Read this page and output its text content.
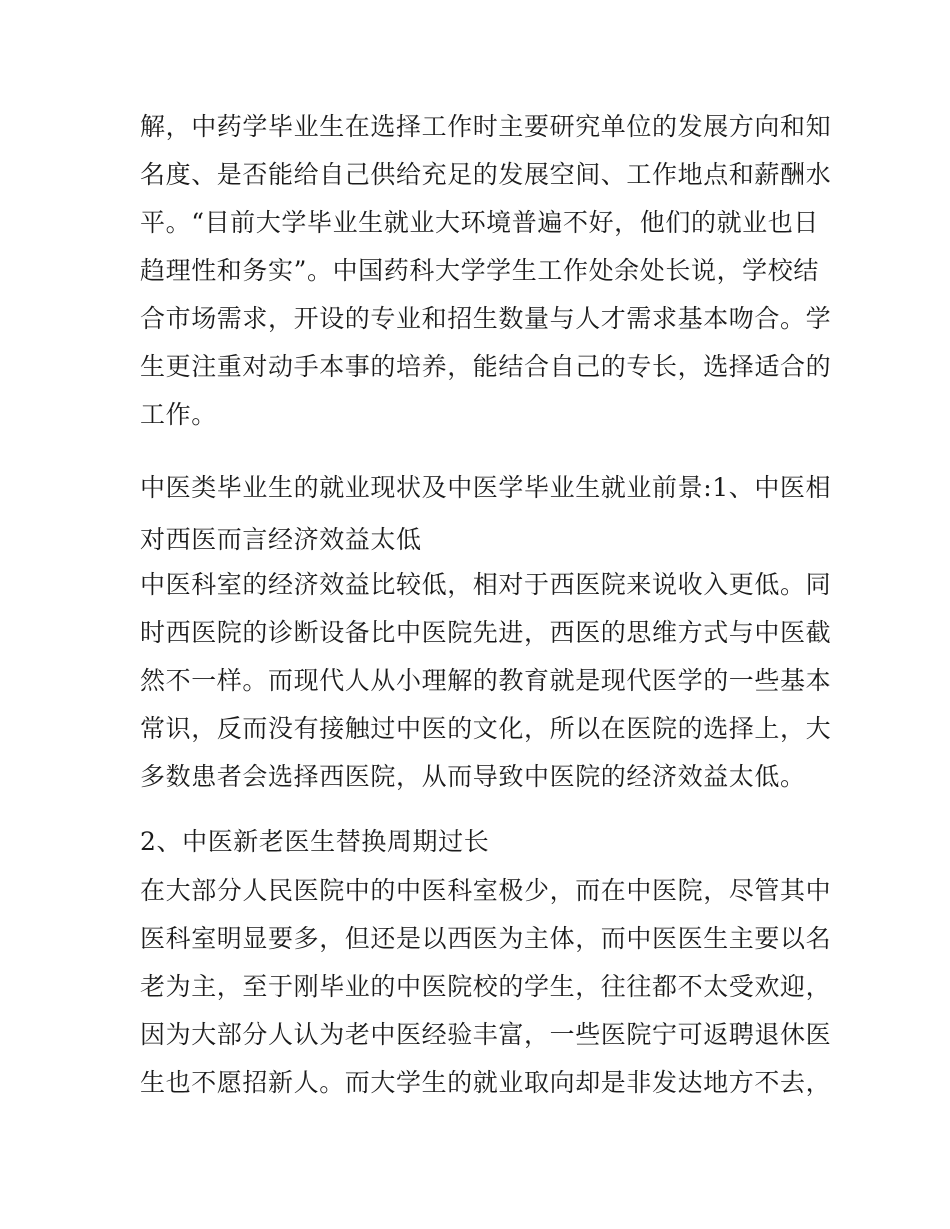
解，中药学毕业生在选择工作时主要研究单位的发展方向和知
名度、是否能给自己供给充足的发展空间、工作地点和薪酬水
平。“目前大学毕业生就业大环境普遍不好，他们的就业也日
趋理性和务实”。中国药科大学学生工作处余处长说，学校结
合市场需求，开设的专业和招生数量与人才需求基本吻合。学
生更注重对动手本事的培养，能结合自己的专长，选择适合的
工作。
中医类毕业生的就业现状及中医学毕业生就业前景:1、中医相
对西医而言经济效益太低
中医科室的经济效益比较低，相对于西医院来说收入更低。同
时西医院的诊断设备比中医院先进，西医的思维方式与中医截
然不一样。而现代人从小理解的教育就是现代医学的一些基本
常识，反而没有接触过中医的文化，所以在医院的选择上，大
多数患者会选择西医院，从而导致中医院的经济效益太低。
2、中医新老医生替换周期过长
在大部分人民医院中的中医科室极少，而在中医院，尽管其中
医科室明显要多，但还是以西医为主体，而中医医生主要以名
老为主，至于刚毕业的中医院校的学生，往往都不太受欢迎，
因为大部分人认为老中医经验丰富，一些医院宁可返聘退休医
生也不愿招新人。而大学生的就业取向却是非发达地方不去，
